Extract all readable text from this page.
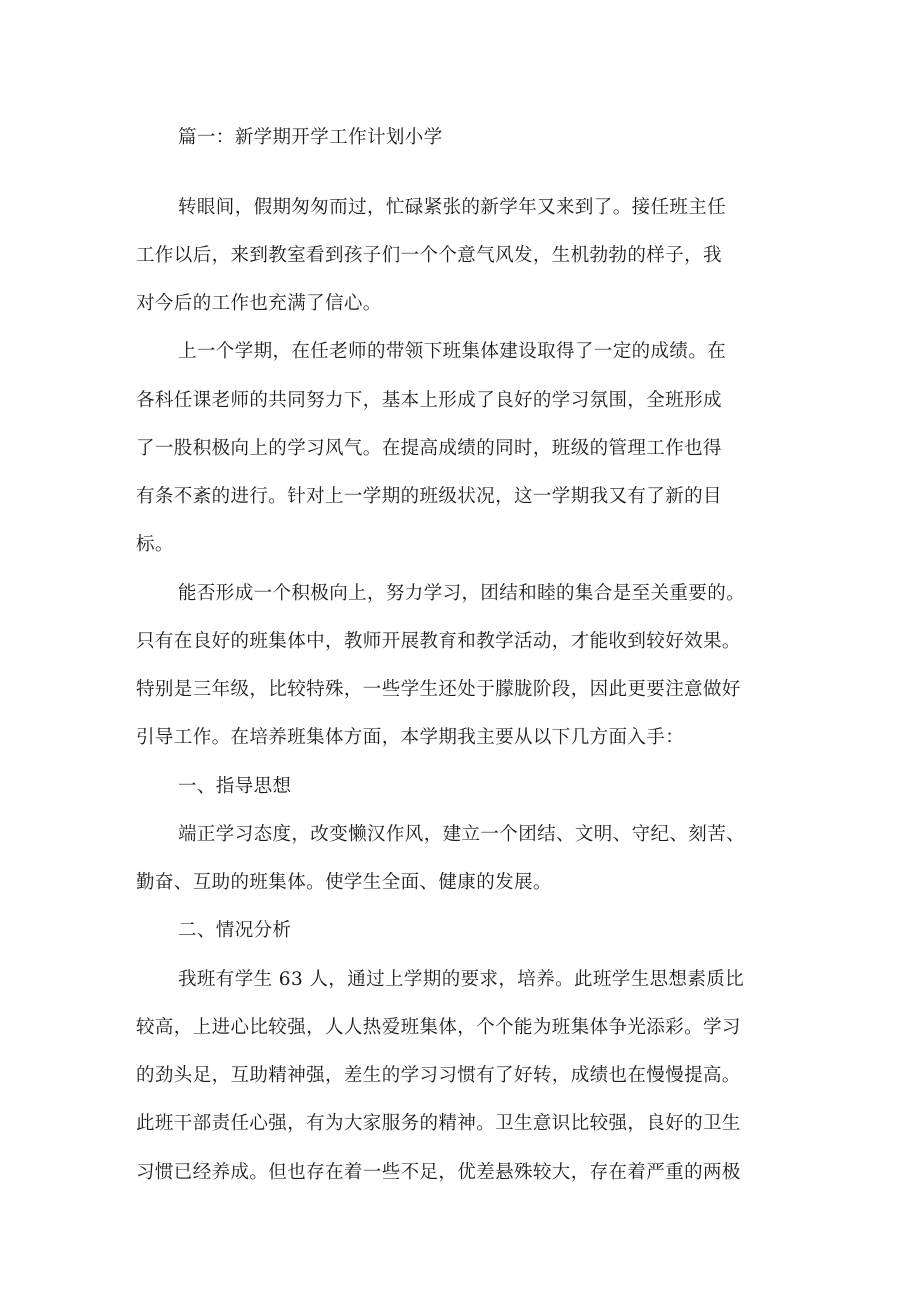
篇一：新学期开学工作计划小学
转眼间，假期匆匆而过，忙碌紧张的新学年又来到了。接任班主任
工作以后，来到教室看到孩子们一个个意气风发，生机勃勃的样子，我
对今后的工作也充满了信心。
上一个学期，在任老师的带领下班集体建设取得了一定的成绩。在
各科任课老师的共同努力下，基本上形成了良好的学习氛围，全班形成
了一股积极向上的学习风气。在提高成绩的同时，班级的管理工作也得
有条不紊的进行。针对上一学期的班级状况，这一学期我又有了新的目
标。
能否形成一个积极向上，努力学习，团结和睦的集合是至关重要的。
只有在良好的班集体中，教师开展教育和教学活动，才能收到较好效果。
特别是三年级，比较特殊，一些学生还处于朦胧阶段，因此更要注意做好
引导工作。在培养班集体方面，本学期我主要从以下几方面入手：
一、指导思想
端正学习态度，改变懒汉作风，建立一个团结、文明、守纪、刻苦、
勤奋、互助的班集体。使学生全面、健康的发展。
二、情况分析
我班有学生 63 人，通过上学期的要求，培养。此班学生思想素质比
较高，上进心比较强，人人热爱班集体，个个能为班集体争光添彩。学习
的劲头足，互助精神强，差生的学习习惯有了好转，成绩也在慢慢提高。
此班干部责任心强，有为大家服务的精神。卫生意识比较强，良好的卫生
习惯已经养成。但也存在着一些不足，优差悬殊较大，存在着严重的两极
